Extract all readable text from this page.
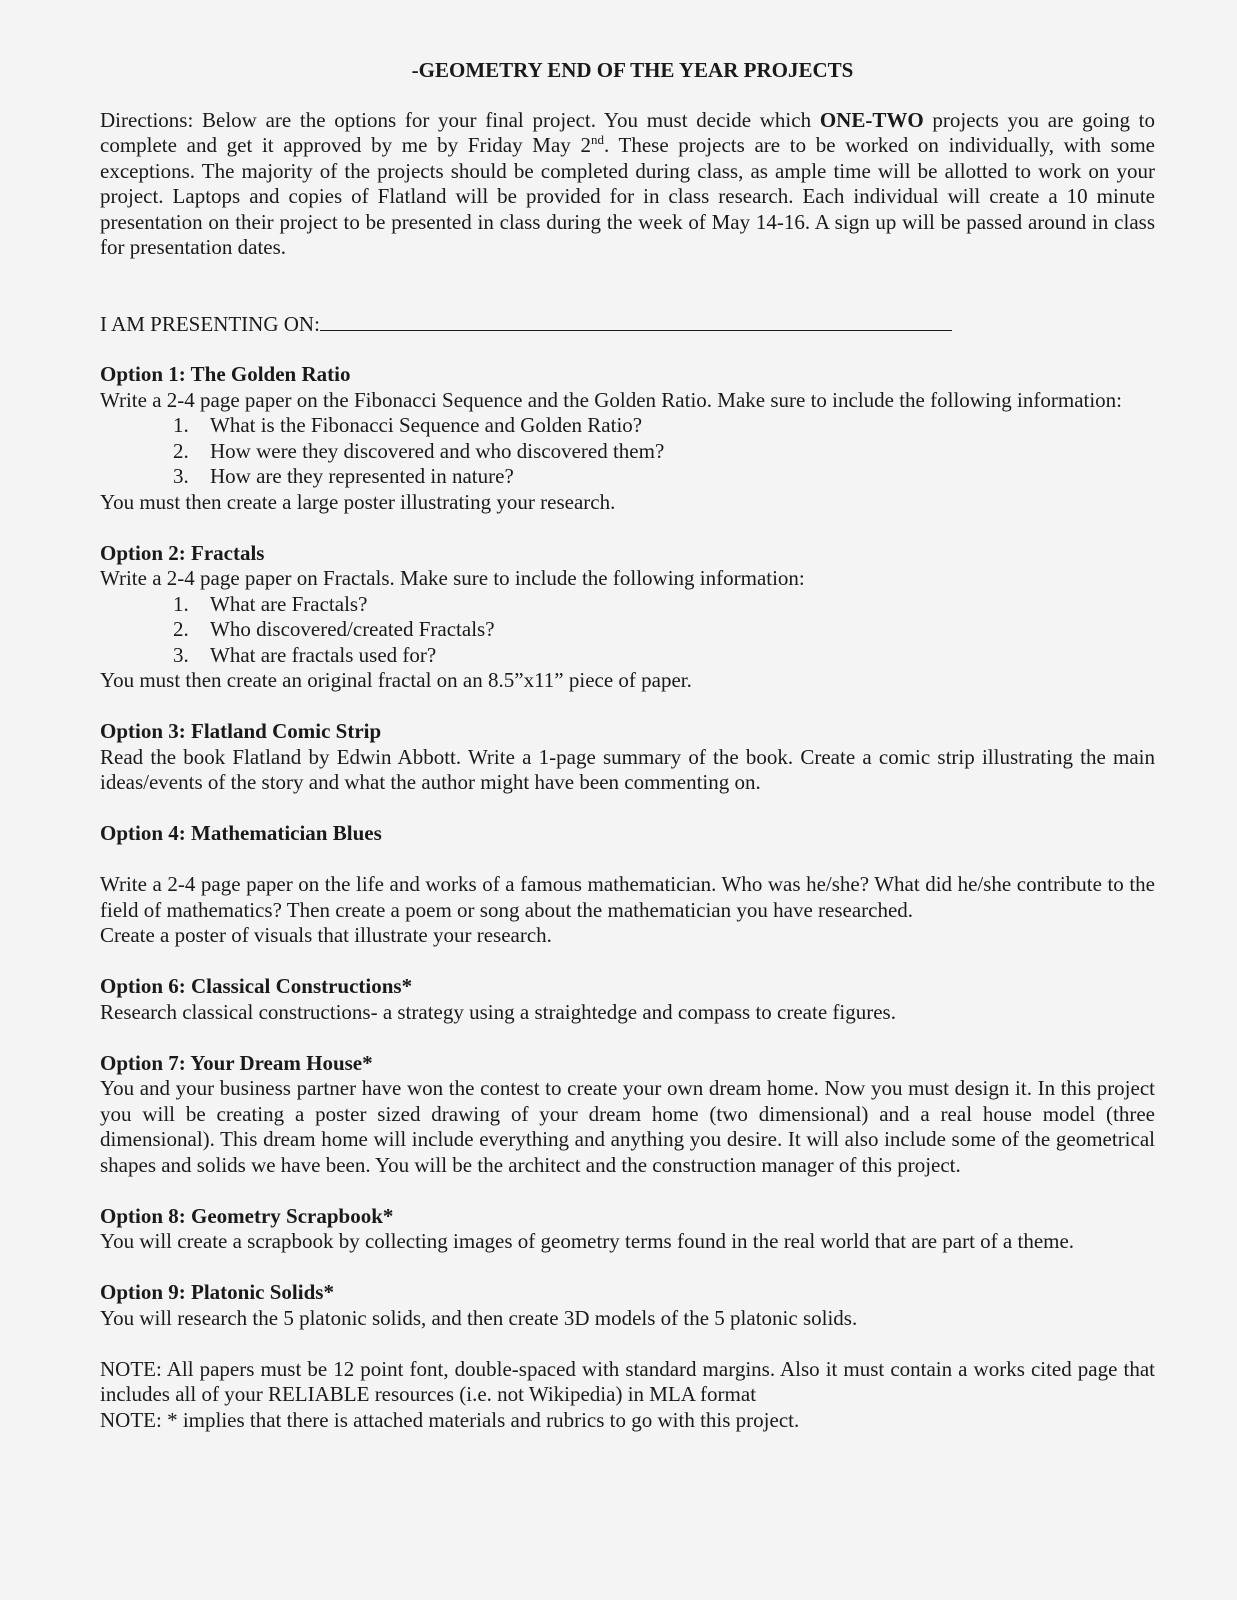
-GEOMETRY END OF THE YEAR PROJECTS

Directions: Below are the options for your final project. You must decide which ONE-TWO projects you are going to complete and get it approved by me by Friday May 2nd. These projects are to be worked on individually, with some exceptions. The majority of the projects should be completed during class, as ample time will be allotted to work on your project. Laptops and copies of Flatland will be provided for in class research. Each individual will create a 10 minute presentation on their project to be presented in class during the week of May 14-16. A sign up will be passed around in class for presentation dates.

I AM PRESENTING ON:

Option 1: The Golden Ratio

Write a 2-4 page paper on the Fibonacci Sequence and the Golden Ratio. Make sure to include the following information:

1. What is the Fibonacci Sequence and Golden Ratio?
2. How were they discovered and who discovered them?
3. How are they represented in nature?

You must then create a large poster illustrating your research.

Option 2: Fractals

Write a 2-4 page paper on Fractals. Make sure to include the following information:

1. What are Fractals?
2. Who discovered/created Fractals?
3. What are fractals used for?

You must then create an original fractal on an 8.5”x11” piece of paper.

Option 3: Flatland Comic Strip

Read the book Flatland by Edwin Abbott. Write a 1-page summary of the book. Create a comic strip illustrating the main ideas/events of the story and what the author might have been commenting on.

Option 4: Mathematician Blues

Write a 2-4 page paper on the life and works of a famous mathematician. Who was he/she? What did he/she contribute to the field of mathematics? Then create a poem or song about the mathematician you have researched.

Create a poster of visuals that illustrate your research.

Option 6: Classical Constructions*

Research classical constructions- a strategy using a straightedge and compass to create figures.

Option 7: Your Dream House*

You and your business partner have won the contest to create your own dream home. Now you must design it. In this project you will be creating a poster sized drawing of your dream home (two dimensional) and a real house model (three dimensional). This dream home will include everything and anything you desire. It will also include some of the geometrical shapes and solids we have been. You will be the architect and the construction manager of this project.

Option 8: Geometry Scrapbook*

You will create a scrapbook by collecting images of geometry terms found in the real world that are part of a theme.

Option 9: Platonic Solids*

You will research the 5 platonic solids, and then create 3D models of the 5 platonic solids.

NOTE: All papers must be 12 point font, double-spaced with standard margins. Also it must contain a works cited page that includes all of your RELIABLE resources (i.e. not Wikipedia) in MLA format

NOTE: * implies that there is attached materials and rubrics to go with this project.
